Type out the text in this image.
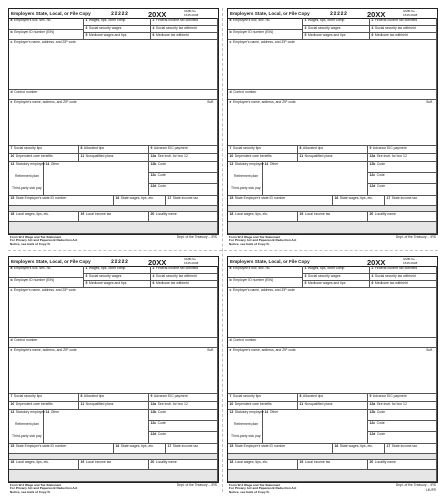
Employers State, Local, or File Copy	22222	20XX	OMB No.
1545-0008
a Employee's soc. sec. no.
b Employer ID number (EIN)
c Employer's name, address, and ZIP code
1 Wages, tips, other comp.	2 Federal income tax withheld
3 Social security wages	4 Social security tax withheld
5 Medicare wages and tips	6 Medicare tax withheld
d Control number
e Employee's name, address, and ZIP code	Suff.
7 Social security tips	8 Allocated tips	9 Advance EIC payment
10 Dependent care benefits	11 Nonqualified plans	12a See instr. for box 12
13 Statutory employee
Retirement plan
Third-party sick pay
14 Other	12b Code
12c Code
12d Code
15 State Employer's state ID number	16 State wages, tips, etc.	17 State income tax
18 Local wages, tips, etc.	19 Local income tax	20 Locality name
Form W-2 Wage and Tax Statement
For Privacy Act and Paperwork Reduction Act
Notice, see back of Copy D.
Dept. of the Treasury -- IRS
Employers State, Local, or File Copy	22222	20XX	OMB No.
1545-0008
a Employee's soc. sec. no.
b Employer ID number (EIN)
c Employer's name, address, and ZIP code
1 Wages, tips, other comp.	2 Federal income tax withheld
3 Social security wages	4 Social security tax withheld
5 Medicare wages and tips	6 Medicare tax withheld
d Control number
e Employee's name, address, and ZIP code	Suff.
7 Social security tips	8 Allocated tips	9 Advance EIC payment
10 Dependent care benefits	11 Nonqualified plans	12a See instr. for box 12
13 Statutory employee
Retirement plan
Third-party sick pay
14 Other	12b Code
12c Code
12d Code
15 State Employer's state ID number	16 State wages, tips, etc.	17 State income tax
18 Local wages, tips, etc.	19 Local income tax	20 Locality name
Form W-2 Wage and Tax Statement
For Privacy Act and Paperwork Reduction Act
Notice, see back of Copy D.
Dept. of the Treasury -- IRS
Employers State, Local, or File Copy	22222	20XX	OMB No.
1545-0008
a Employee's soc. sec. no.
b Employer ID number (EIN)
c Employer's name, address, and ZIP code
1 Wages, tips, other comp.	2 Federal income tax withheld
3 Social security wages	4 Social security tax withheld
5 Medicare wages and tips	6 Medicare tax withheld
d Control number
e Employee's name, address, and ZIP code	Suff.
7 Social security tips	8 Allocated tips	9 Advance EIC payment
10 Dependent care benefits	11 Nonqualified plans	12a See instr. for box 12
13 Statutory employee
Retirement plan
Third-party sick pay
14 Other	12b Code
12c Code
12d Code
15 State Employer's state ID number	16 State wages, tips, etc.	17 State income tax
18 Local wages, tips, etc.	19 Local income tax	20 Locality name
Form W-2 Wage and Tax Statement
For Privacy Act and Paperwork Reduction Act
Notice, see back of Copy D.
Dept. of the Treasury -- IRS
Employers State, Local, or File Copy	20XX	OMB No.
1545-0008
a Employee's soc. sec. no.
b Employer ID number (EIN)
c Employer's name, address, and ZIP code
1 Wages, tips, other comp.	2 Federal income tax withheld
3 Social security wages	4 Social security tax withheld
5 Medicare wages and tips	6 Medicare tax withheld
d Control number
e Employee's name, address, and ZIP code	Suff.
7 Social security tips	8 Allocated tips	9 Advance EIC payment
10 Dependent care benefits	11 Nonqualified plans	12a See instr. for box 12
13 Statutory employee
Retirement plan
Third-party sick pay
14 Other	12b Code
12c Code
12d Code
15 State Employer's state ID number	16 State wages, tips, etc.	17 State income tax
18 Local wages, tips, etc.	19 Local income tax	20 Locality name
Form W-2 Wage and Tax Statement
For Privacy Act and Paperwork Reduction Act
Notice, see back of Copy D.
Dept. of the Treasury -- IRS
L4UFR
